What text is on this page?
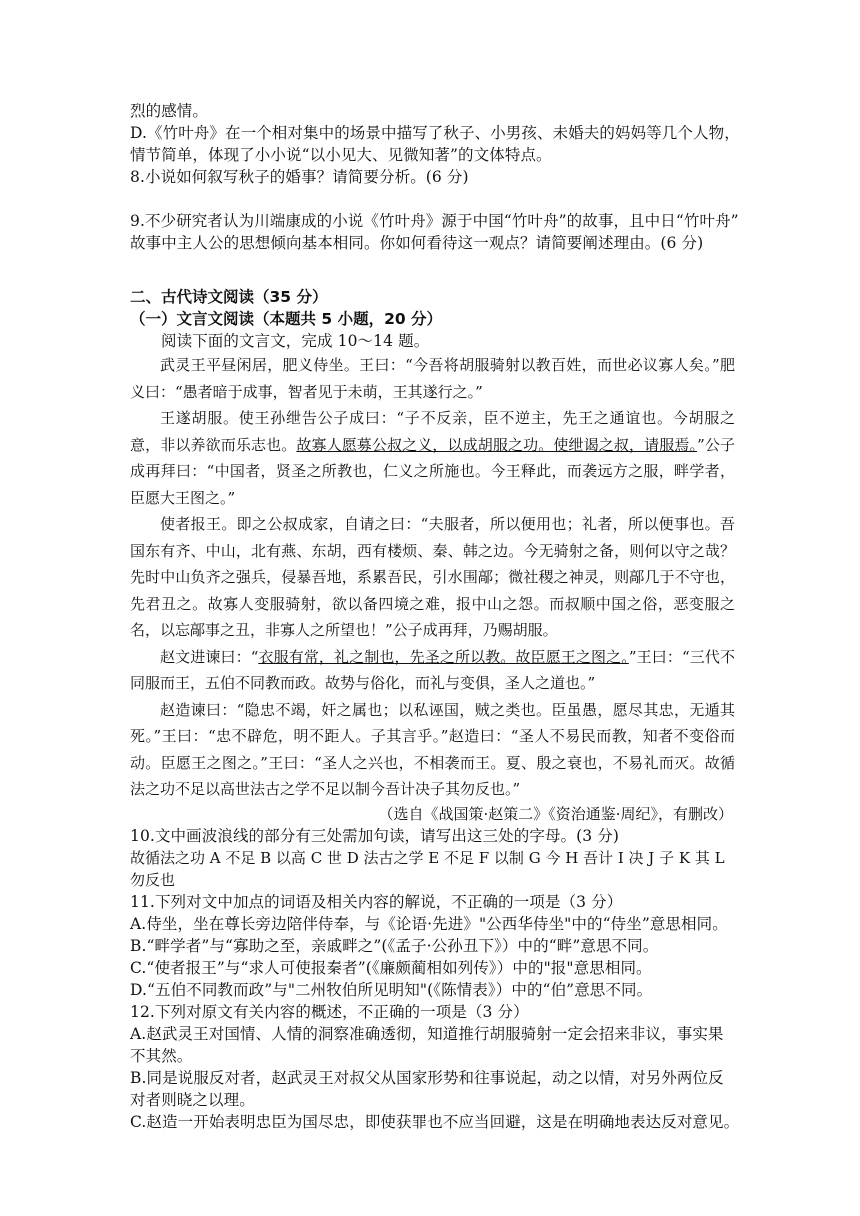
烈的感情。
D.《竹叶舟》在一个相对集中的场景中描写了秋子、小男孩、未婚夫的妈妈等几个人物，
情节简单，体现了小小说“以小见大、见微知著”的文体特点。
8.小说如何叙写秋子的婚事？请简要分析。(6 分)
9.不少研究者认为川端康成的小说《竹叶舟》源于中国“竹叶舟”的故事，且中日“竹叶舟”
故事中主人公的思想倾向基本相同。你如何看待这一观点？请简要阐述理由。(6 分)
二、古代诗文阅读（35 分）
（一）文言文阅读（本题共 5 小题，20 分）
阅读下面的文言文，完成 10～14 题。
武灵王平昼闲居，肥义侍坐。王曰：“今吾将胡服骑射以教百姓，而世必议寡人矣。”肥义曰：“愚者暗于成事，智者见于未萌，王其遂行之。”
王遂胡服。使王孙绁告公子成曰：“子不反亲，臣不逆主，先王之通谊也。今胡服之意，非以养欲而乐志也。故寡人愿募公叔之义，以成胡服之功。使绁谒之叔，请服焉。”公子成再拜曰：“中国者，贤圣之所教也，仁义之所施也。今王释此，而袭远方之服，畔学者，臣愿大王图之。”
使者报王。即之公叔成家，自请之曰：“夫服者，所以便用也；礼者，所以便事也。吾国东有齐、中山，北有燕、东胡，西有楼烦、秦、韩之边。今无骑射之备，则何以守之哉？先时中山负齐之强兵，侵暴吾地，系累吾民，引水围鄗；微社稷之神灵，则鄗几于不守也，先君丑之。故寡人变服骑射，欲以备四境之难，报中山之怨。而叔顺中国之俗，恶变服之名，以忘鄗事之丑，非寡人之所望也！”公子成再拜，乃赐胡服。
赵文进谏曰：“衣服有常，礼之制也，先圣之所以教。故臣愿王之图之。”王曰：“三代不同服而王，五伯不同教而政。故势与俗化，而礼与变俱，圣人之道也。”
赵造谏曰：“隐忠不竭，奸之属也；以私诬国，贼之类也。臣虽愚，愿尽其忠，无遁其死。”王曰：“忠不辟危，明不距人。子其言乎。”赵造曰：“圣人不易民而教，知者不变俗而动。臣愿王之图之。”王曰：“圣人之兴也，不相袭而王。夏、殷之衰也，不易礼而灭。故循法之功不足以高世法古之学不足以制今吾计决子其勿反也。”
（选自《战国策·赵策二》《资治通鉴·周纪》，有删改）
10.文中画波浪线的部分有三处需加句读，请写出这三处的字母。(3 分)
故循法之功 A 不足 B 以高 C 世 D 法古之学 E 不足 F 以制 G 今 H 吾计 I 决 J 子 K 其 L 勿反也
11.下列对文中加点的词语及相关内容的解说，不正确的一项是（3 分）
A.侍坐，坐在尊长旁边陪伴侍奉，与《论语·先进》"公西华侍坐"中的“侍坐”意思相同。
B.“畔学者”与“寡助之至，亲戚畔之”(《孟子·公孙丑下》）中的“畔”意思不同。
C.“使者报王”与“求人可使报秦者”(《廉颇蔺相如列传》）中的"报"意思相同。
D.“五伯不同教而政”与"二州牧伯所见明知"(《陈情表》）中的“伯”意思不同。
12.下列对原文有关内容的概述，不正确的一项是（3 分）
A.赵武灵王对国情、人情的洞察准确透彻，知道推行胡服骑射一定会招来非议，事实果
不其然。
B.同是说服反对者，赵武灵王对叔父从国家形势和往事说起，动之以情，对另外两位反
对者则晓之以理。
C.赵造一开始表明忠臣为国尽忠，即使获罪也不应当回避，这是在明确地表达反对意见。
